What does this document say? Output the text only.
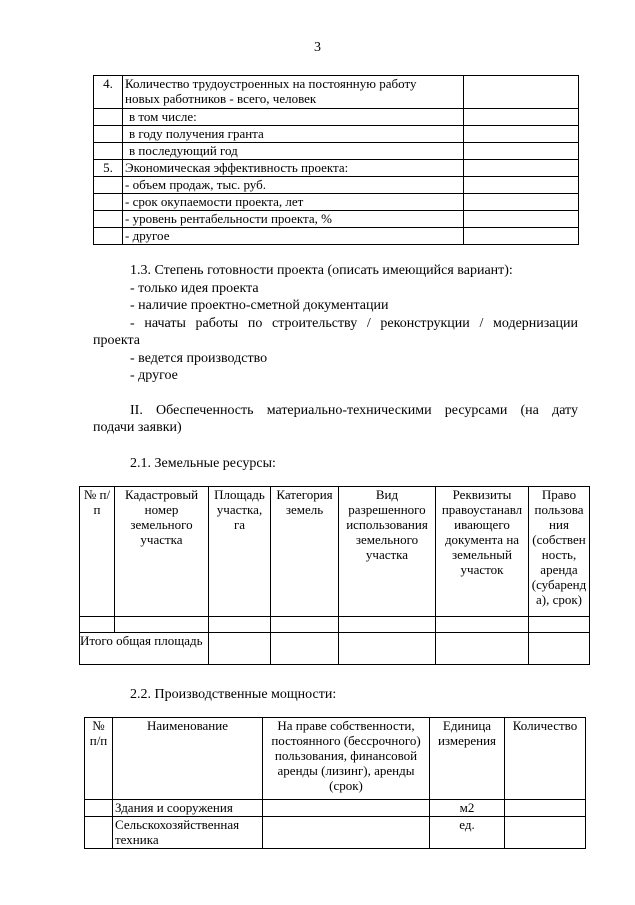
3
4.	Количество трудоустроенных на постоянную работу	
	новых работников - всего, человек	
	в том числе:	
	в году получения гранта	
	в последующий год	
5.	Экономическая эффективность проекта:	
	- объем продаж, тыс. руб.	
	- срок окупаемости проекта, лет	
	- уровень рентабельности проекта, %	
	- другое	
1.3. Степень готовности проекта (описать имеющийся вариант):
- только идея проекта
- наличие проектно-сметной документации
- начаты работы по строительству / реконструкции / модернизации
проекта
- ведется производство
- другое
II. Обеспеченность материально-техническими ресурсами (на дату
подачи заявки)
2.1. Земельные ресурсы:
№ п/п	Кадастровый номер земельного участка	Площадь участка, га	Категория земель	Вид разрешенного использования земельного участка	Реквизиты правоустанавл ивающего документа на земельный участок	Право пользова ния (собствен ность, аренда (субаренд а), срок)

Итого общая площадь						
2.2. Производственные мощности:
№ п/п	Наименование	На праве собственности, постоянного (бессрочного) пользования, финансовой аренды (лизинг), аренды (срок)	Единица измерения	Количество
	Здания и сооружения		м2	
	Сельскохозяйственная техника		ед.	
